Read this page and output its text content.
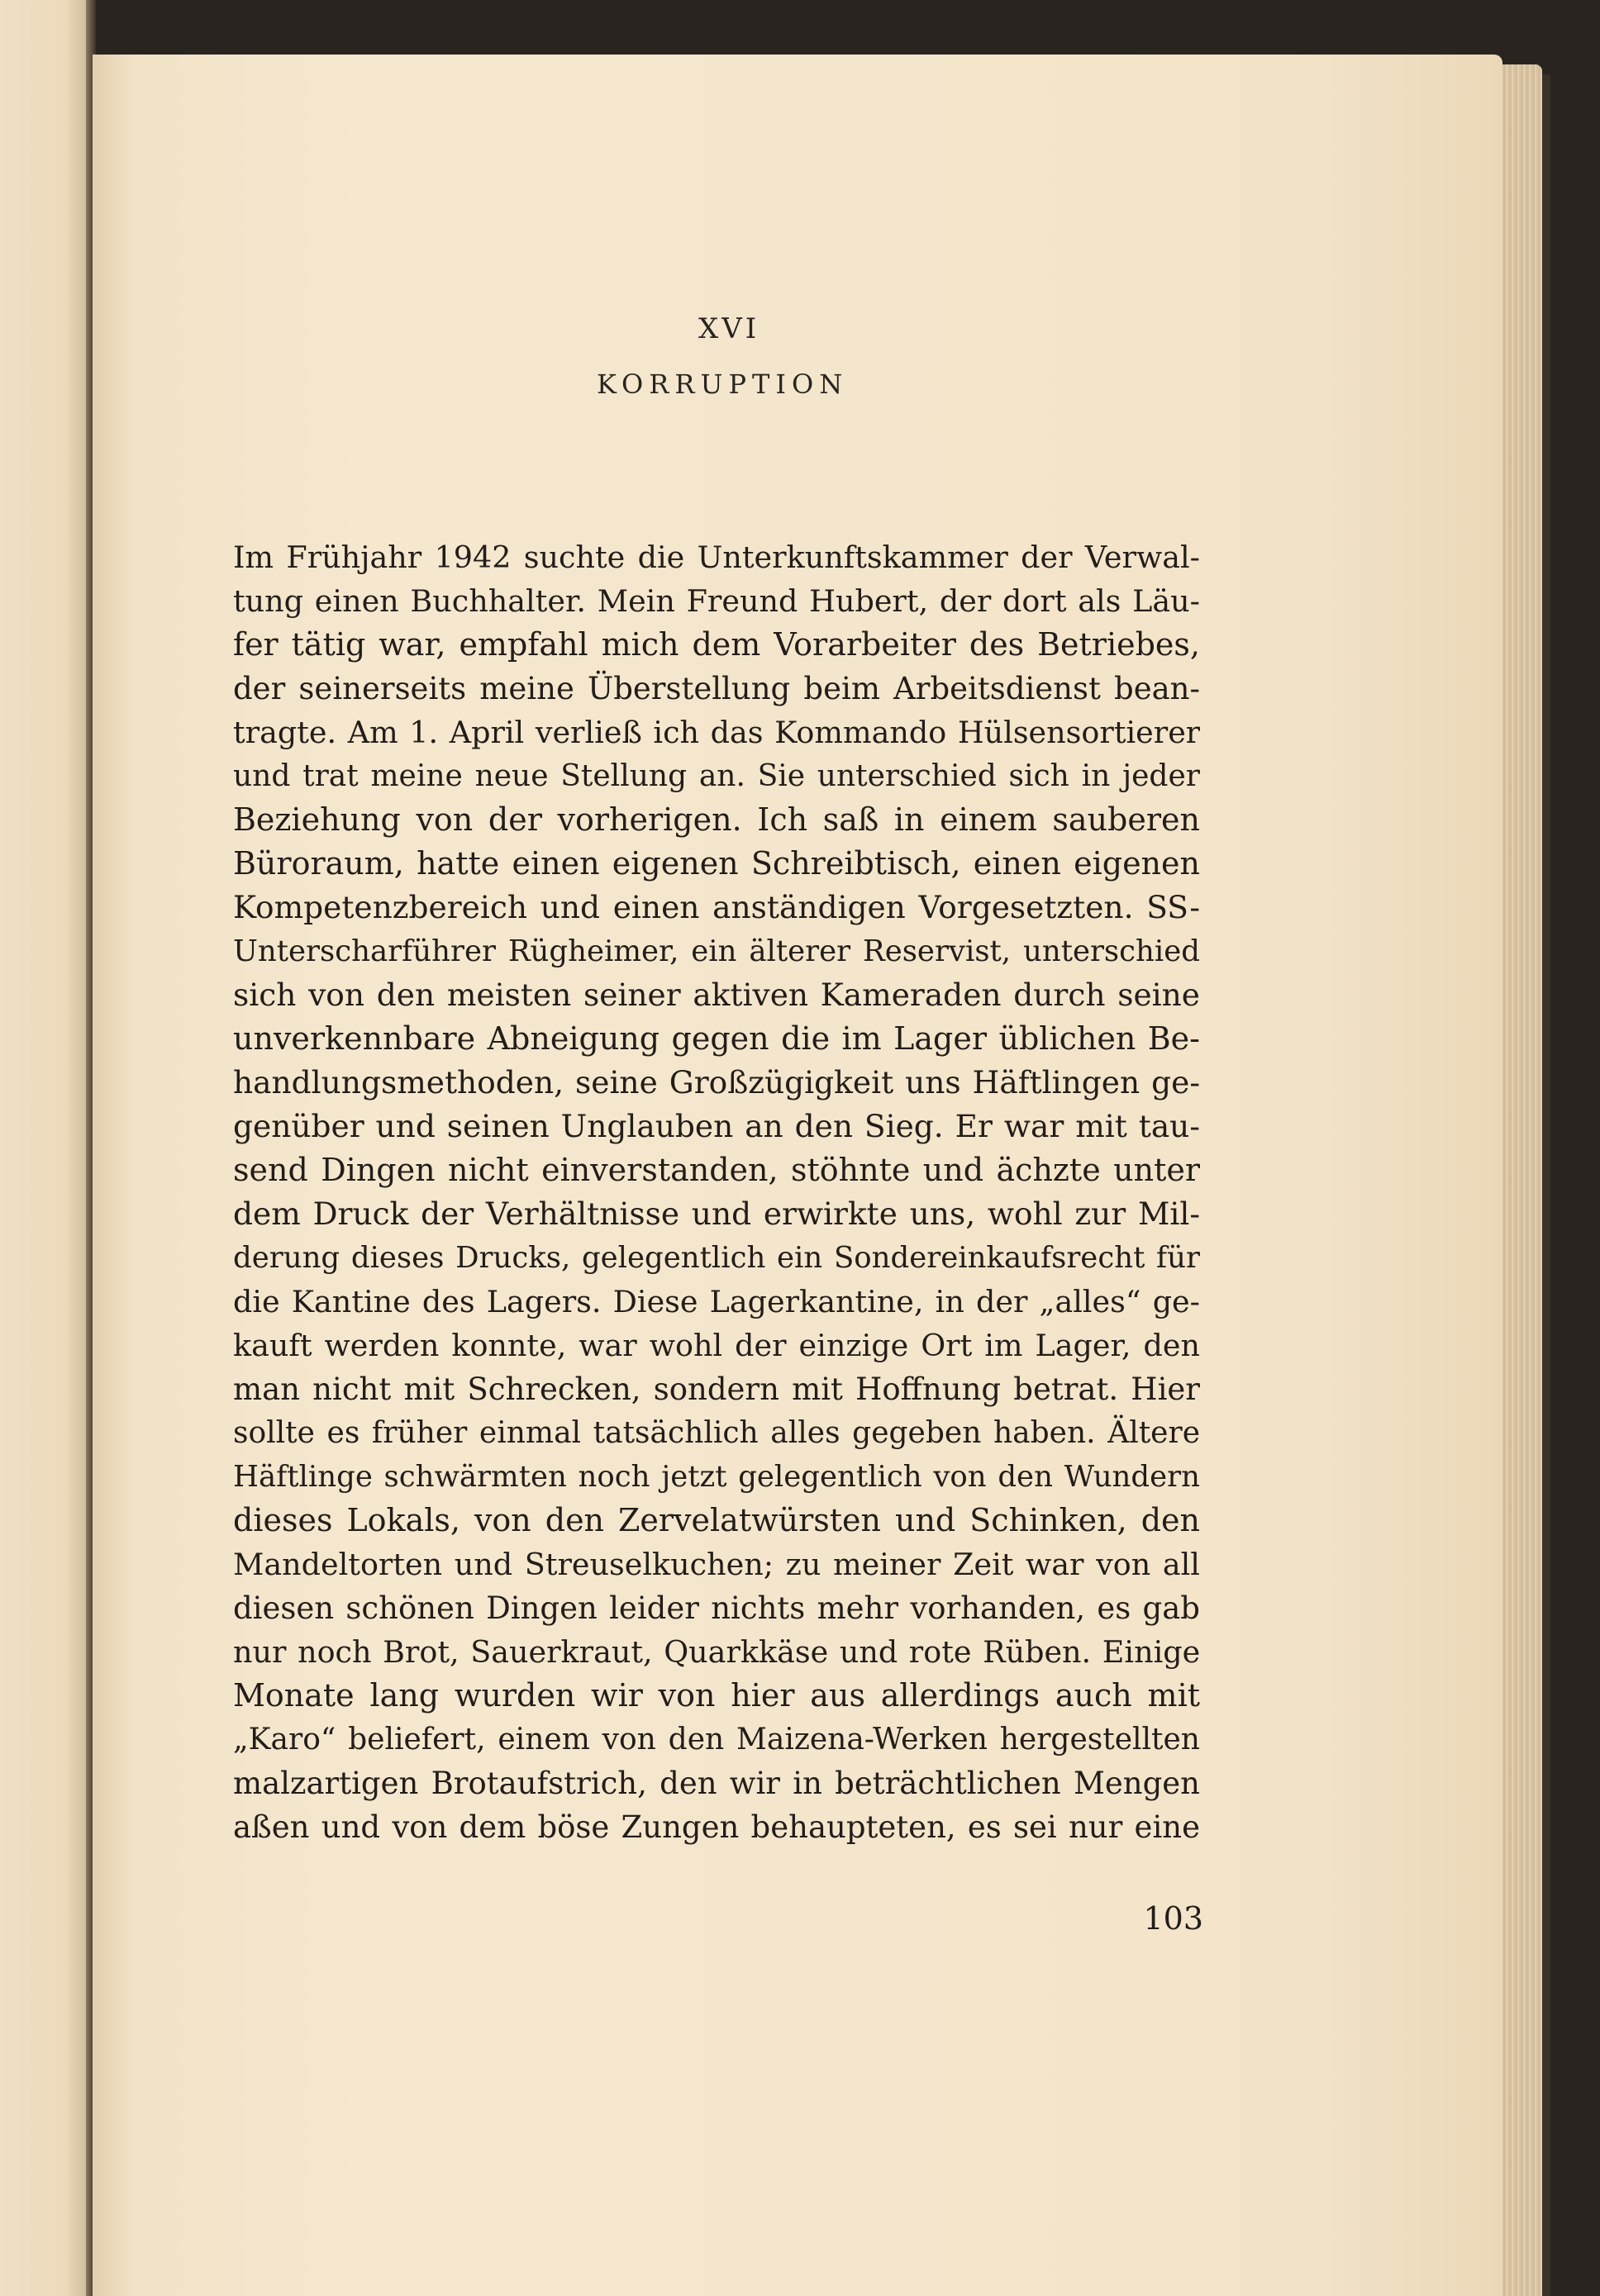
XVI
KORRUPTION
Im Frühjahr 1942 suchte die Unterkunftskammer der Verwal-
tung einen Buchhalter. Mein Freund Hubert, der dort als Läu-
fer tätig war, empfahl mich dem Vorarbeiter des Betriebes,
der seinerseits meine Überstellung beim Arbeitsdienst bean-
tragte. Am 1. April verließ ich das Kommando Hülsensortierer
und trat meine neue Stellung an. Sie unterschied sich in jeder
Beziehung von der vorherigen. Ich saß in einem sauberen
Büroraum, hatte einen eigenen Schreibtisch, einen eigenen
Kompetenzbereich und einen anständigen Vorgesetzten. SS-
Unterscharführer Rügheimer, ein älterer Reservist, unterschied
sich von den meisten seiner aktiven Kameraden durch seine
unverkennbare Abneigung gegen die im Lager üblichen Be-
handlungsmethoden, seine Großzügigkeit uns Häftlingen ge-
genüber und seinen Unglauben an den Sieg. Er war mit tau-
send Dingen nicht einverstanden, stöhnte und ächzte unter
dem Druck der Verhältnisse und erwirkte uns, wohl zur Mil-
derung dieses Drucks, gelegentlich ein Sondereinkaufsrecht für
die Kantine des Lagers. Diese Lagerkantine, in der „alles“ ge-
kauft werden konnte, war wohl der einzige Ort im Lager, den
man nicht mit Schrecken, sondern mit Hoffnung betrat. Hier
sollte es früher einmal tatsächlich alles gegeben haben. Ältere
Häftlinge schwärmten noch jetzt gelegentlich von den Wundern
dieses Lokals, von den Zervelatwürsten und Schinken, den
Mandeltorten und Streuselkuchen; zu meiner Zeit war von all
diesen schönen Dingen leider nichts mehr vorhanden, es gab
nur noch Brot, Sauerkraut, Quarkkäse und rote Rüben. Einige
Monate lang wurden wir von hier aus allerdings auch mit
„Karo“ beliefert, einem von den Maizena-Werken hergestellten
malzartigen Brotaufstrich, den wir in beträchtlichen Mengen
aßen und von dem böse Zungen behaupteten, es sei nur eine
103
